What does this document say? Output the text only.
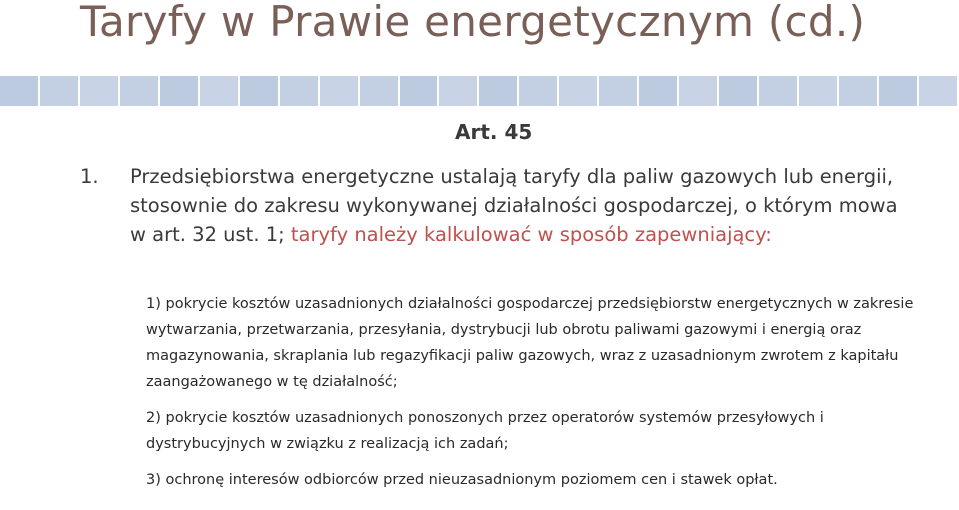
Taryfy w Prawie energetycznym (cd.)
Art. 45
1. Przedsiębiorstwa energetyczne ustalają taryfy dla paliw gazowych lub energii, stosownie do zakresu wykonywanej działalności gospodarczej, o którym mowa w art. 32 ust. 1; taryfy należy kalkulować w sposób zapewniający:

1) pokrycie kosztów uzasadnionych działalności gospodarczej przedsiębiorstw energetycznych w zakresie wytwarzania, przetwarzania, przesyłania, dystrybucji lub obrotu paliwami gazowymi i energią oraz magazynowania, skraplania lub regazyfikacji paliw gazowych, wraz z uzasadnionym zwrotem z kapitału zaangażowanego w tę działalność;

2) pokrycie kosztów uzasadnionych ponoszonych przez operatorów systemów przesyłowych i dystrybucyjnych w związku z realizacją ich zadań;

3) ochronę interesów odbiorców przed nieuzasadnionym poziomem cen i stawek opłat.
